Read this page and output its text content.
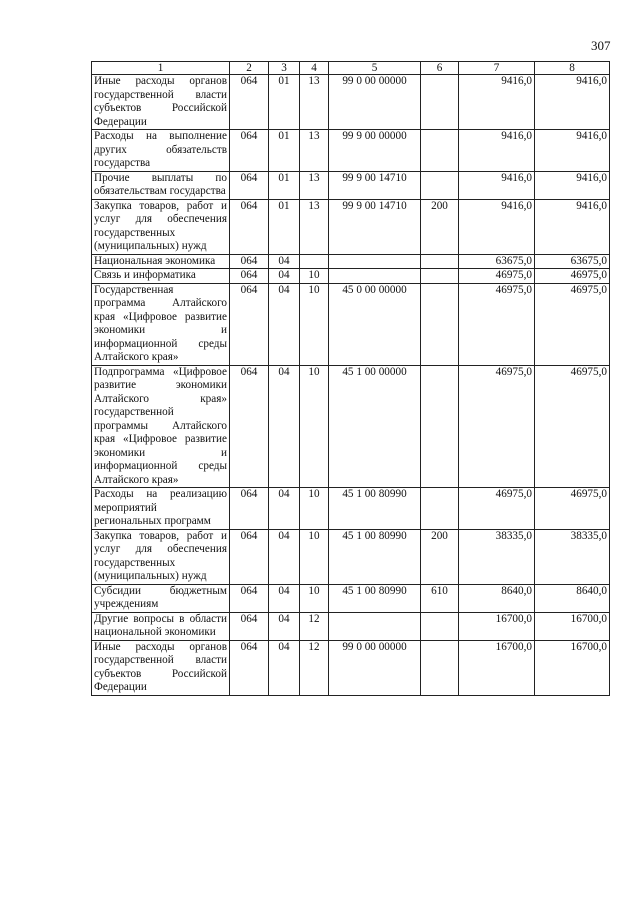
307
1	2	3	4	5	6	7	8
Иные расходы органов государственной власти субъектов Российской Федерации	064	01	13	99 0 00 00000		9416,0	9416,0
Расходы на выполнение других обязательств государства	064	01	13	99 9 00 00000		9416,0	9416,0
Прочие выплаты по обязательствам государства	064	01	13	99 9 00 14710		9416,0	9416,0
Закупка товаров, работ и услуг для обеспечения государственных (муниципальных) нужд	064	01	13	99 9 00 14710	200	9416,0	9416,0
Национальная экономика	064	04				63675,0	63675,0
Связь и информатика	064	04	10			46975,0	46975,0
Государственная программа Алтайского края «Цифровое развитие экономики и информационной среды Алтайского края»	064	04	10	45 0 00 00000		46975,0	46975,0
Подпрограмма «Цифровое развитие экономики Алтайского края» государственной программы Алтайского края «Цифровое развитие экономики и информационной среды Алтайского края»	064	04	10	45 1 00 00000		46975,0	46975,0
Расходы на реализацию мероприятий региональных программ	064	04	10	45 1 00 80990		46975,0	46975,0
Закупка товаров, работ и услуг для обеспечения государственных (муниципальных) нужд	064	04	10	45 1 00 80990	200	38335,0	38335,0
Субсидии бюджетным учреждениям	064	04	10	45 1 00 80990	610	8640,0	8640,0
Другие вопросы в области национальной экономики	064	04	12			16700,0	16700,0
Иные расходы органов государственной власти субъектов Российской Федерации	064	04	12	99 0 00 00000		16700,0	16700,0
